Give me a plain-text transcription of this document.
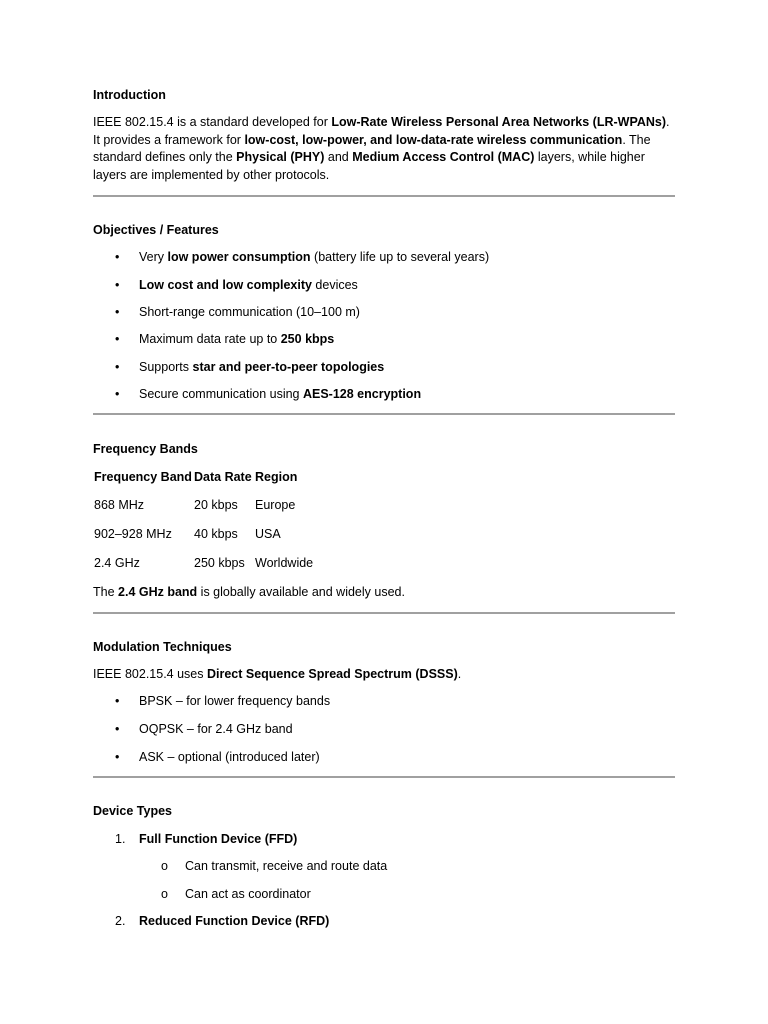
Introduction
IEEE 802.15.4 is a standard developed for Low-Rate Wireless Personal Area Networks (LR-WPANs). It provides a framework for low-cost, low-power, and low-data-rate wireless communication. The standard defines only the Physical (PHY) and Medium Access Control (MAC) layers, while higher layers are implemented by other protocols.
Objectives / Features
• Very low power consumption (battery life up to several years)
• Low cost and low complexity devices
• Short-range communication (10–100 m)
• Maximum data rate up to 250 kbps
• Supports star and peer-to-peer topologies
• Secure communication using AES-128 encryption
Frequency Bands
Frequency Band	Data Rate	Region
868 MHz	20 kbps	Europe
902–928 MHz	40 kbps	USA
2.4 GHz	250 kbps	Worldwide
The 2.4 GHz band is globally available and widely used.
Modulation Techniques
IEEE 802.15.4 uses Direct Sequence Spread Spectrum (DSSS).
• BPSK – for lower frequency bands
• OQPSK – for 2.4 GHz band
• ASK – optional (introduced later)
Device Types
1. Full Function Device (FFD)
o Can transmit, receive and route data
o Can act as coordinator
2. Reduced Function Device (RFD)
